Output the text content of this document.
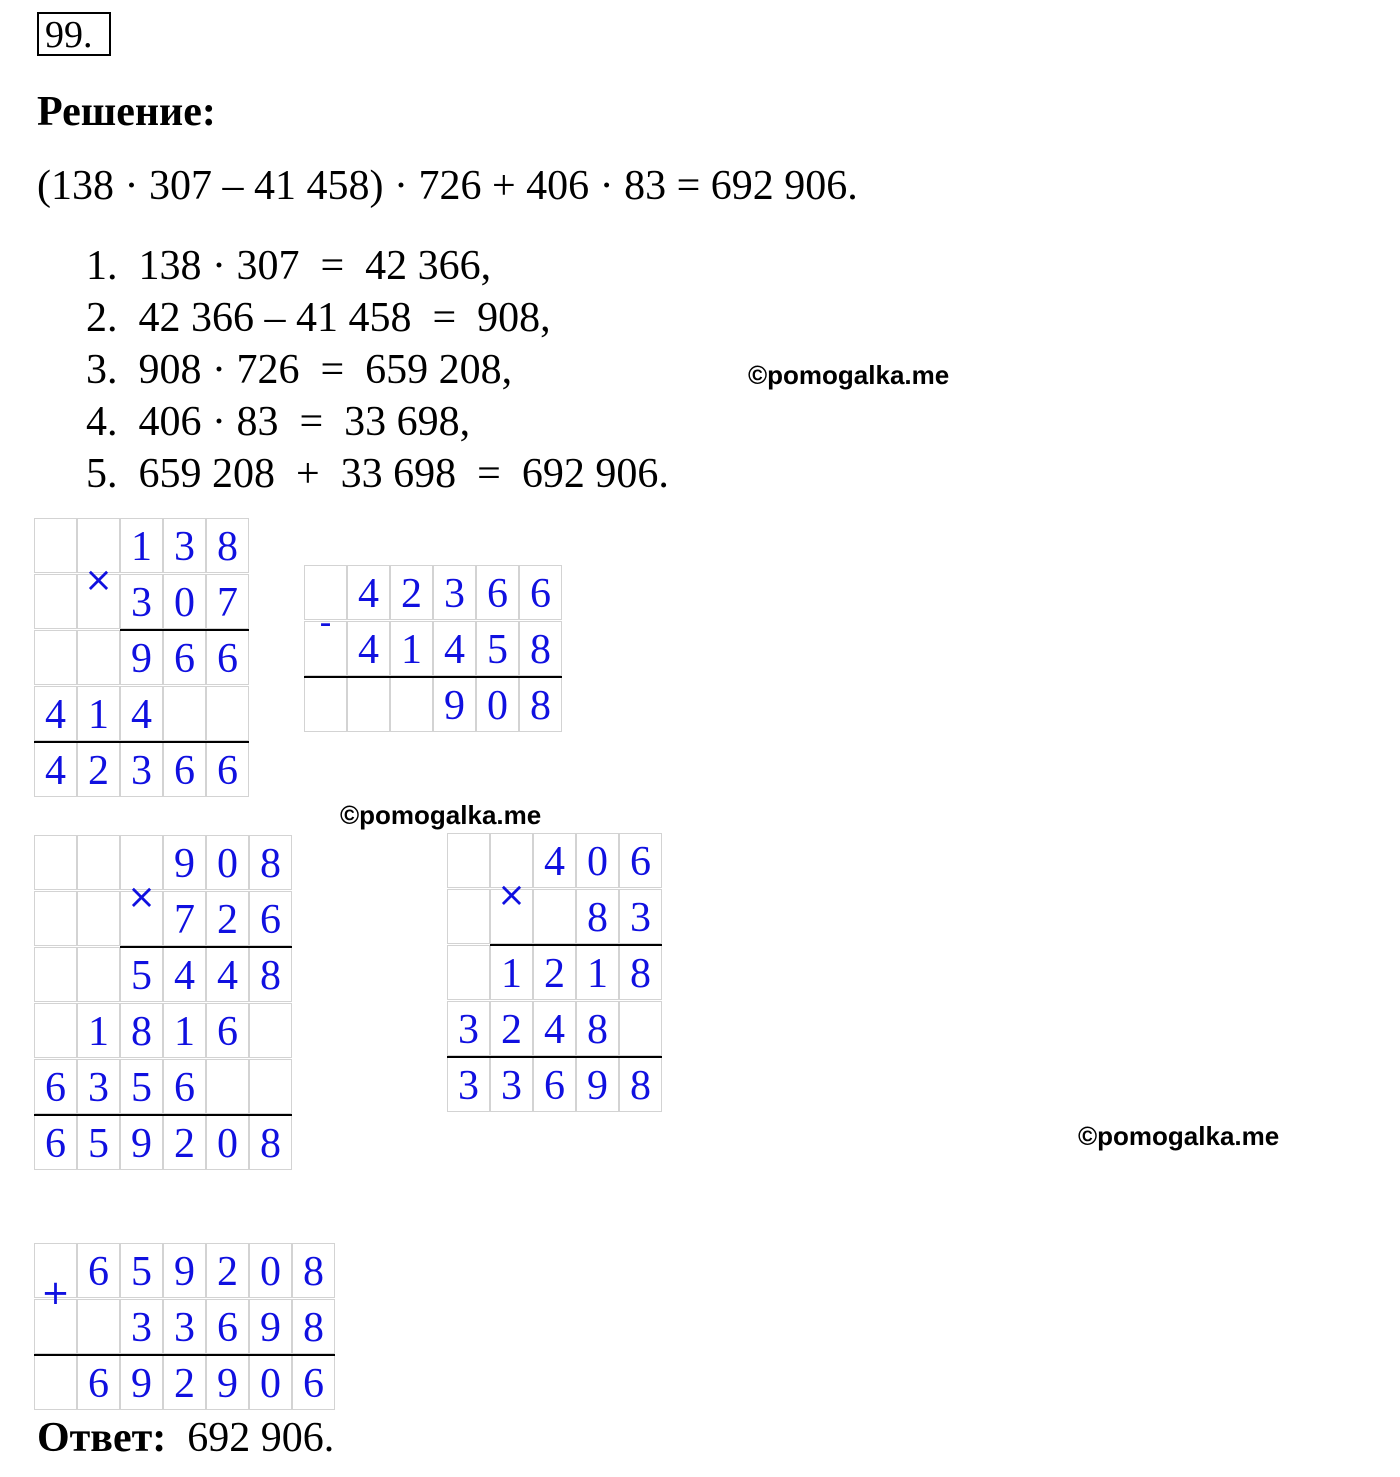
99.
Решение:
(138 · 307 – 41 458) · 726 + 406 · 83 = 692 906.
1.  138 · 307  =  42 366,
2.  42 366 – 41 458  =  908,
3.  908 · 726  =  659 208,
4.  406 · 83  =  33 698,
5.  659 208  +  33 698  =  692 906.
©pomogalka.me
©pomogalka.me
©pomogalka.me
1 3 8
3 0 7
9 6 6
4 1 4
4 2 3 6 6
×	4 2 3 6 6
4 1 4 5 8
9 0 8
-
9 0 8
7 2 6
5 4 4 8
1 8 1 6
6 3 5 6
6 5 9 2 0 8
×
4 0 6
8 3
1 2 1 8
3 2 4 8
3 3 6 9 8
×
6 5 9 2 0 8
3 3 6 9 8
6 9 2 9 0 6
+
Ответ: 692 906.
